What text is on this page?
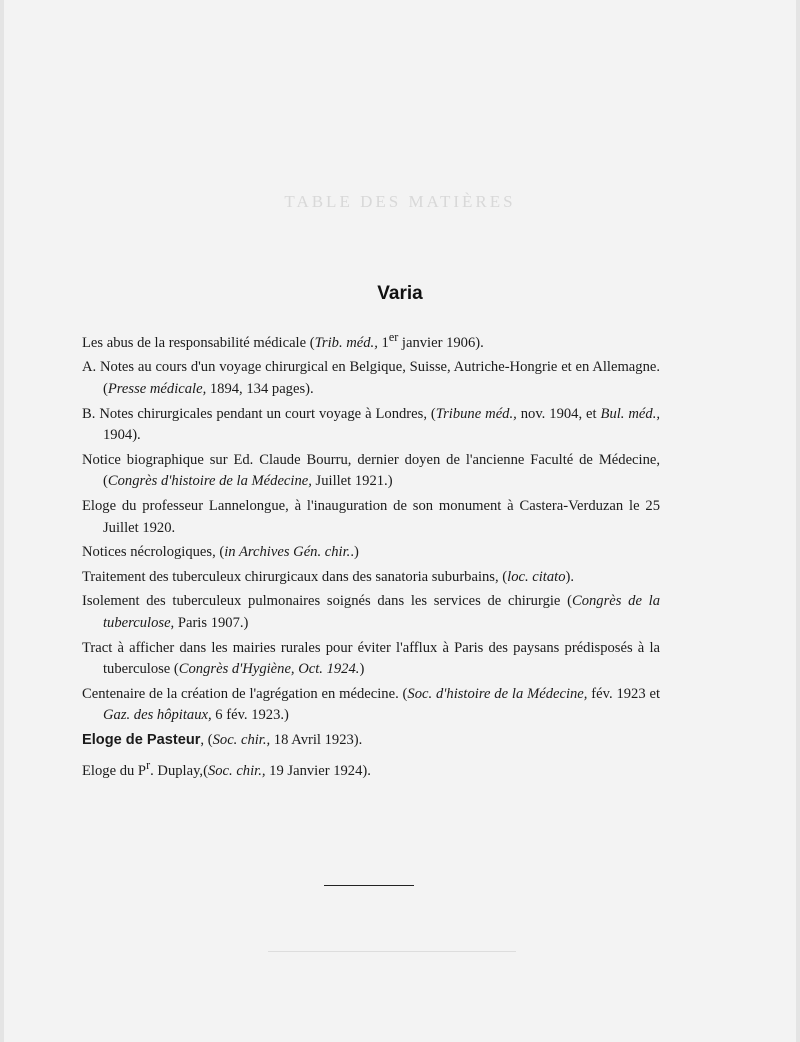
TABLE DES MATIÈRES
Varia

Les abus de la responsabilité médicale (Trib. méd., 1er janvier 1906).

A. Notes au cours d'un voyage chirurgical en Belgique, Suisse, Autriche-Hongrie et en Allemagne. (Presse médicale, 1894, 134 pages).

B. Notes chirurgicales pendant un court voyage à Londres, (Tribune méd., nov. 1904, et Bul. méd., 1904).

Notice biographique sur Ed. Claude Bourru, dernier doyen de l'ancienne Faculté de Médecine, (Congrès d'histoire de la Médecine, Juillet 1921.)

Eloge du professeur Lannelongue, à l'inauguration de son monument à Castera-Verduzan le 25 Juillet 1920.

Notices nécrologiques, (in Archives Gén. chir..)

Traitement des tuberculeux chirurgicaux dans des sanatoria suburbains, (loc. citato).

Isolement des tuberculeux pulmonaires soignés dans les services de chirurgie (Congrès de la tuberculose, Paris 1907.)

Tract à afficher dans les mairies rurales pour éviter l'afflux à Paris des paysans prédisposés à la tuberculose (Congrès d'Hygiène, Oct. 1924.)

Centenaire de la création de l'agrégation en médecine. (Soc. d'histoire de la Médecine, fév. 1923 et Gaz. des hôpitaux, 6 fév. 1923.)

Eloge de Pasteur, (Soc. chir., 18 Avril 1923).

Eloge du $P^r$. Duplay,(Soc. chir., 19 Janvier 1924).
